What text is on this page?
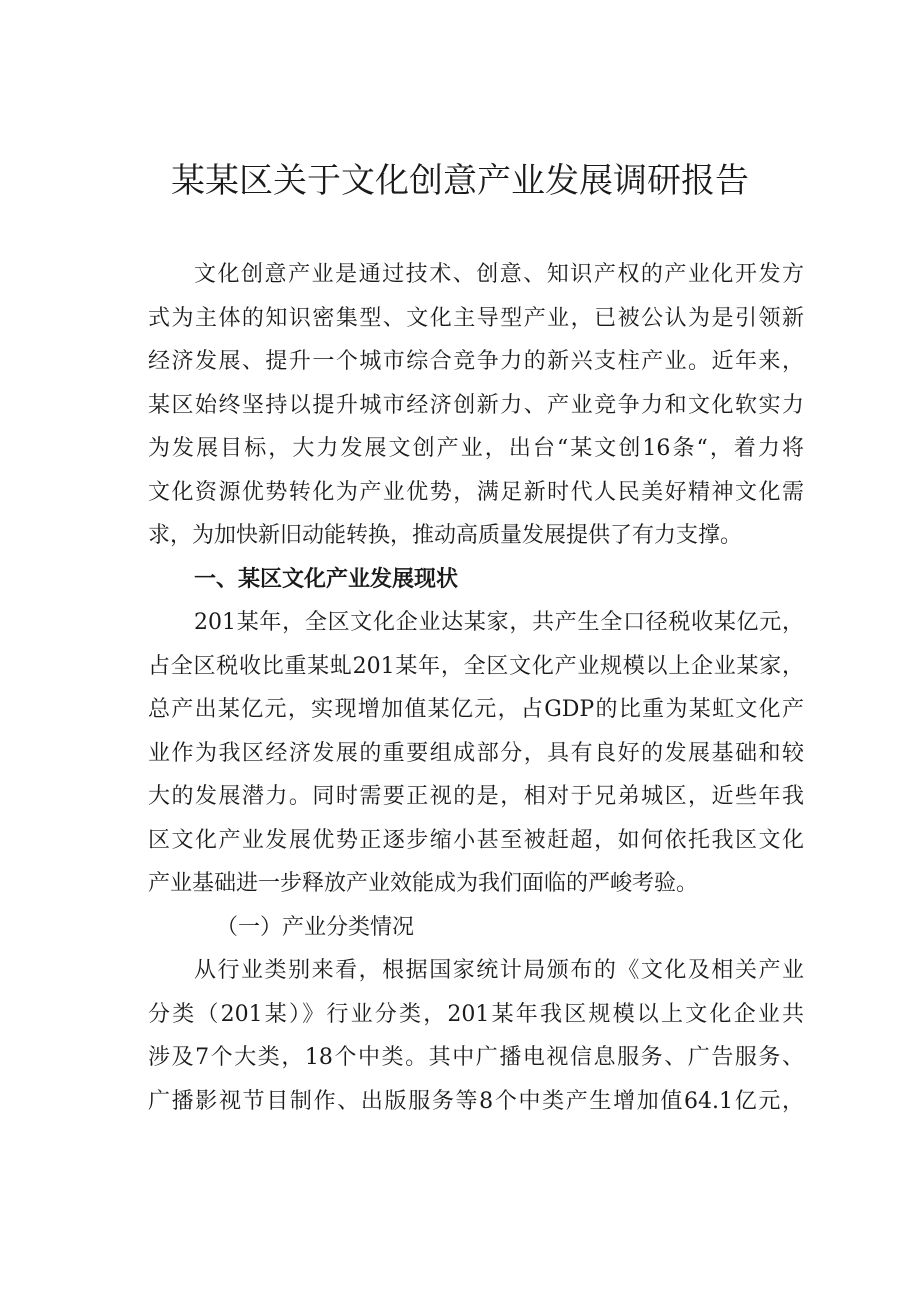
某某区关于文化创意产业发展调研报告
文化创意产业是通过技术、创意、知识产权的产业化开发方
式为主体的知识密集型、文化主导型产业，已被公认为是引领新
经济发展、提升一个城市综合竞争力的新兴支柱产业。近年来，
某区始终坚持以提升城市经济创新力、产业竞争力和文化软实力
为发展目标，大力发展文创产业，出台“某文创16条“，着力将
文化资源优势转化为产业优势，满足新时代人民美好精神文化需
求，为加快新旧动能转换，推动高质量发展提供了有力支撑。
一、某区文化产业发展现状
201某年，全区文化企业达某家，共产生全口径税收某亿元，
占全区税收比重某虬201某年，全区文化产业规模以上企业某家，
总产出某亿元，实现增加值某亿元，占GDP的比重为某虹文化产
业作为我区经济发展的重要组成部分，具有良好的发展基础和较
大的发展潜力。同时需要正视的是，相对于兄弟城区，近些年我
区文化产业发展优势正逐步缩小甚至被赶超，如何依托我区文化
产业基础进一步释放产业效能成为我们面临的严峻考验。
（一）产业分类情况
从行业类别来看，根据国家统计局颁布的《文化及相关产业
分类（201某）》行业分类，201某年我区规模以上文化企业共
涉及7个大类，18个中类。其中广播电视信息服务、广告服务、
广播影视节目制作、出版服务等8个中类产生增加值64.1亿元，
